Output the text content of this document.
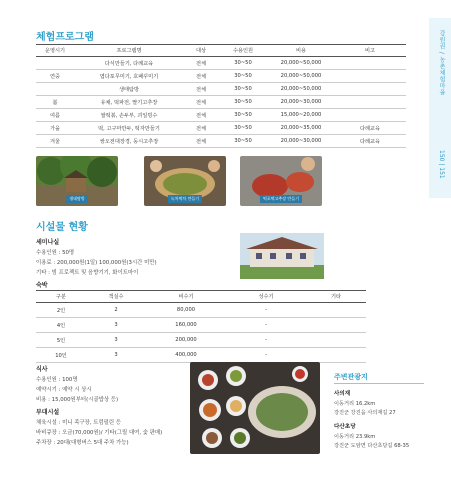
강원권 / 농촌체험마을
150 | 151
체험프로그램
운영시기	프로그램명	대상	수용인원	비용	비고
	다식만들기, 다례교육	전체	30~50	20,000~50,000	
연중	엽다포무미기, 호패꾸미기	전체	30~50	20,000~50,000	
	생태탐방	전체	30~50	20,000~50,000	
봄	유채, 떡파전, 딸기고추장	전체	30~50	20,000~30,000	
여름	쌀떡볶, 손두부, 괴일빙수	전체	30~50	15,000~20,000	
가을	떡, 고구마만두, 떡자만들기	전체	30~50	20,000~35,000	다례교육
겨울	쌍오전대장경, 동시고추장	전체	30~50	20,000~30,000	다례교육
생태탐방	녹차떡차 만들기	떡포떡고추장 만들기
시설물 현황
세미나실
수용인원 : 50명
이용료 : 200,000원(1일) 100,000원(3시간 미만)
기타 : 빔 프로젝트 및 음향기기, 화이트마이
숙박
구분	객실수	비수기	성수기	기타
2인	2	80,000	-	
4인	3	160,000	-	
5인	3	200,000	-	
10인	3	400,000	-	
식사
수용인원 : 100명
예약시기 : 예약 시 상시
비용 : 15,000원부터(시골밥상 등)
부대시설
체육시설 : 미니 족구장, 트럼펄린 등
바비큐장 : 오금(70,000원)/ 기타(그릴 대여, 숯 판매)
주차장 : 20대(대형버스 5대 주차 가능)
주변관광지
사의재
이동거리 16.2km
강진군 강진읍 사의재길 27
다산초당
이동거리 23.9km
강진군 도암면 다산초당길 68-35
